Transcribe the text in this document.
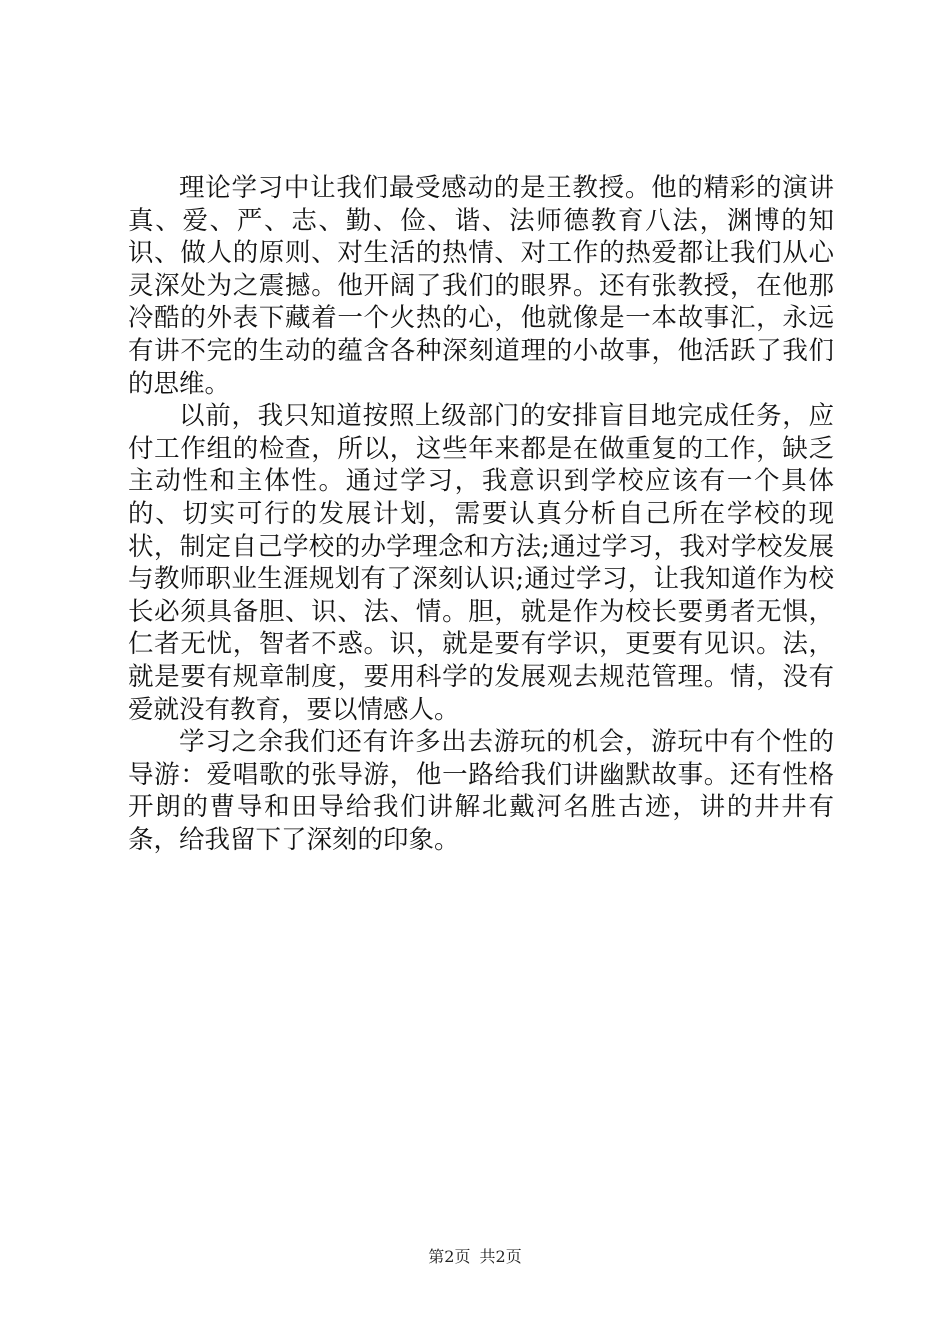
理论学习中让我们最受感动的是王教授。他的精彩的演讲真、爱、严、志、勤、俭、谐、法师德教育八法，渊博的知识、做人的原则、对生活的热情、对工作的热爱都让我们从心灵深处为之震撼。他开阔了我们的眼界。还有张教授，在他那冷酷的外表下藏着一个火热的心，他就像是一本故事汇，永远有讲不完的生动的蕴含各种深刻道理的小故事，他活跃了我们的思维。

以前，我只知道按照上级部门的安排盲目地完成任务，应付工作组的检查，所以，这些年来都是在做重复的工作，缺乏主动性和主体性。通过学习，我意识到学校应该有一个具体的、切实可行的发展计划，需要认真分析自己所在学校的现状，制定自己学校的办学理念和方法;通过学习，我对学校发展与教师职业生涯规划有了深刻认识;通过学习，让我知道作为校长必须具备胆、识、法、情。胆，就是作为校长要勇者无惧，仁者无忧，智者不惑。识，就是要有学识，更要有见识。法，就是要有规章制度，要用科学的发展观去规范管理。情，没有爱就没有教育，要以情感人。

学习之余我们还有许多出去游玩的机会，游玩中有个性的导游：爱唱歌的张导游，他一路给我们讲幽默故事。还有性格开朗的曹导和田导给我们讲解北戴河名胜古迹，讲的井井有条，给我留下了深刻的印象。

第2页 共2页
